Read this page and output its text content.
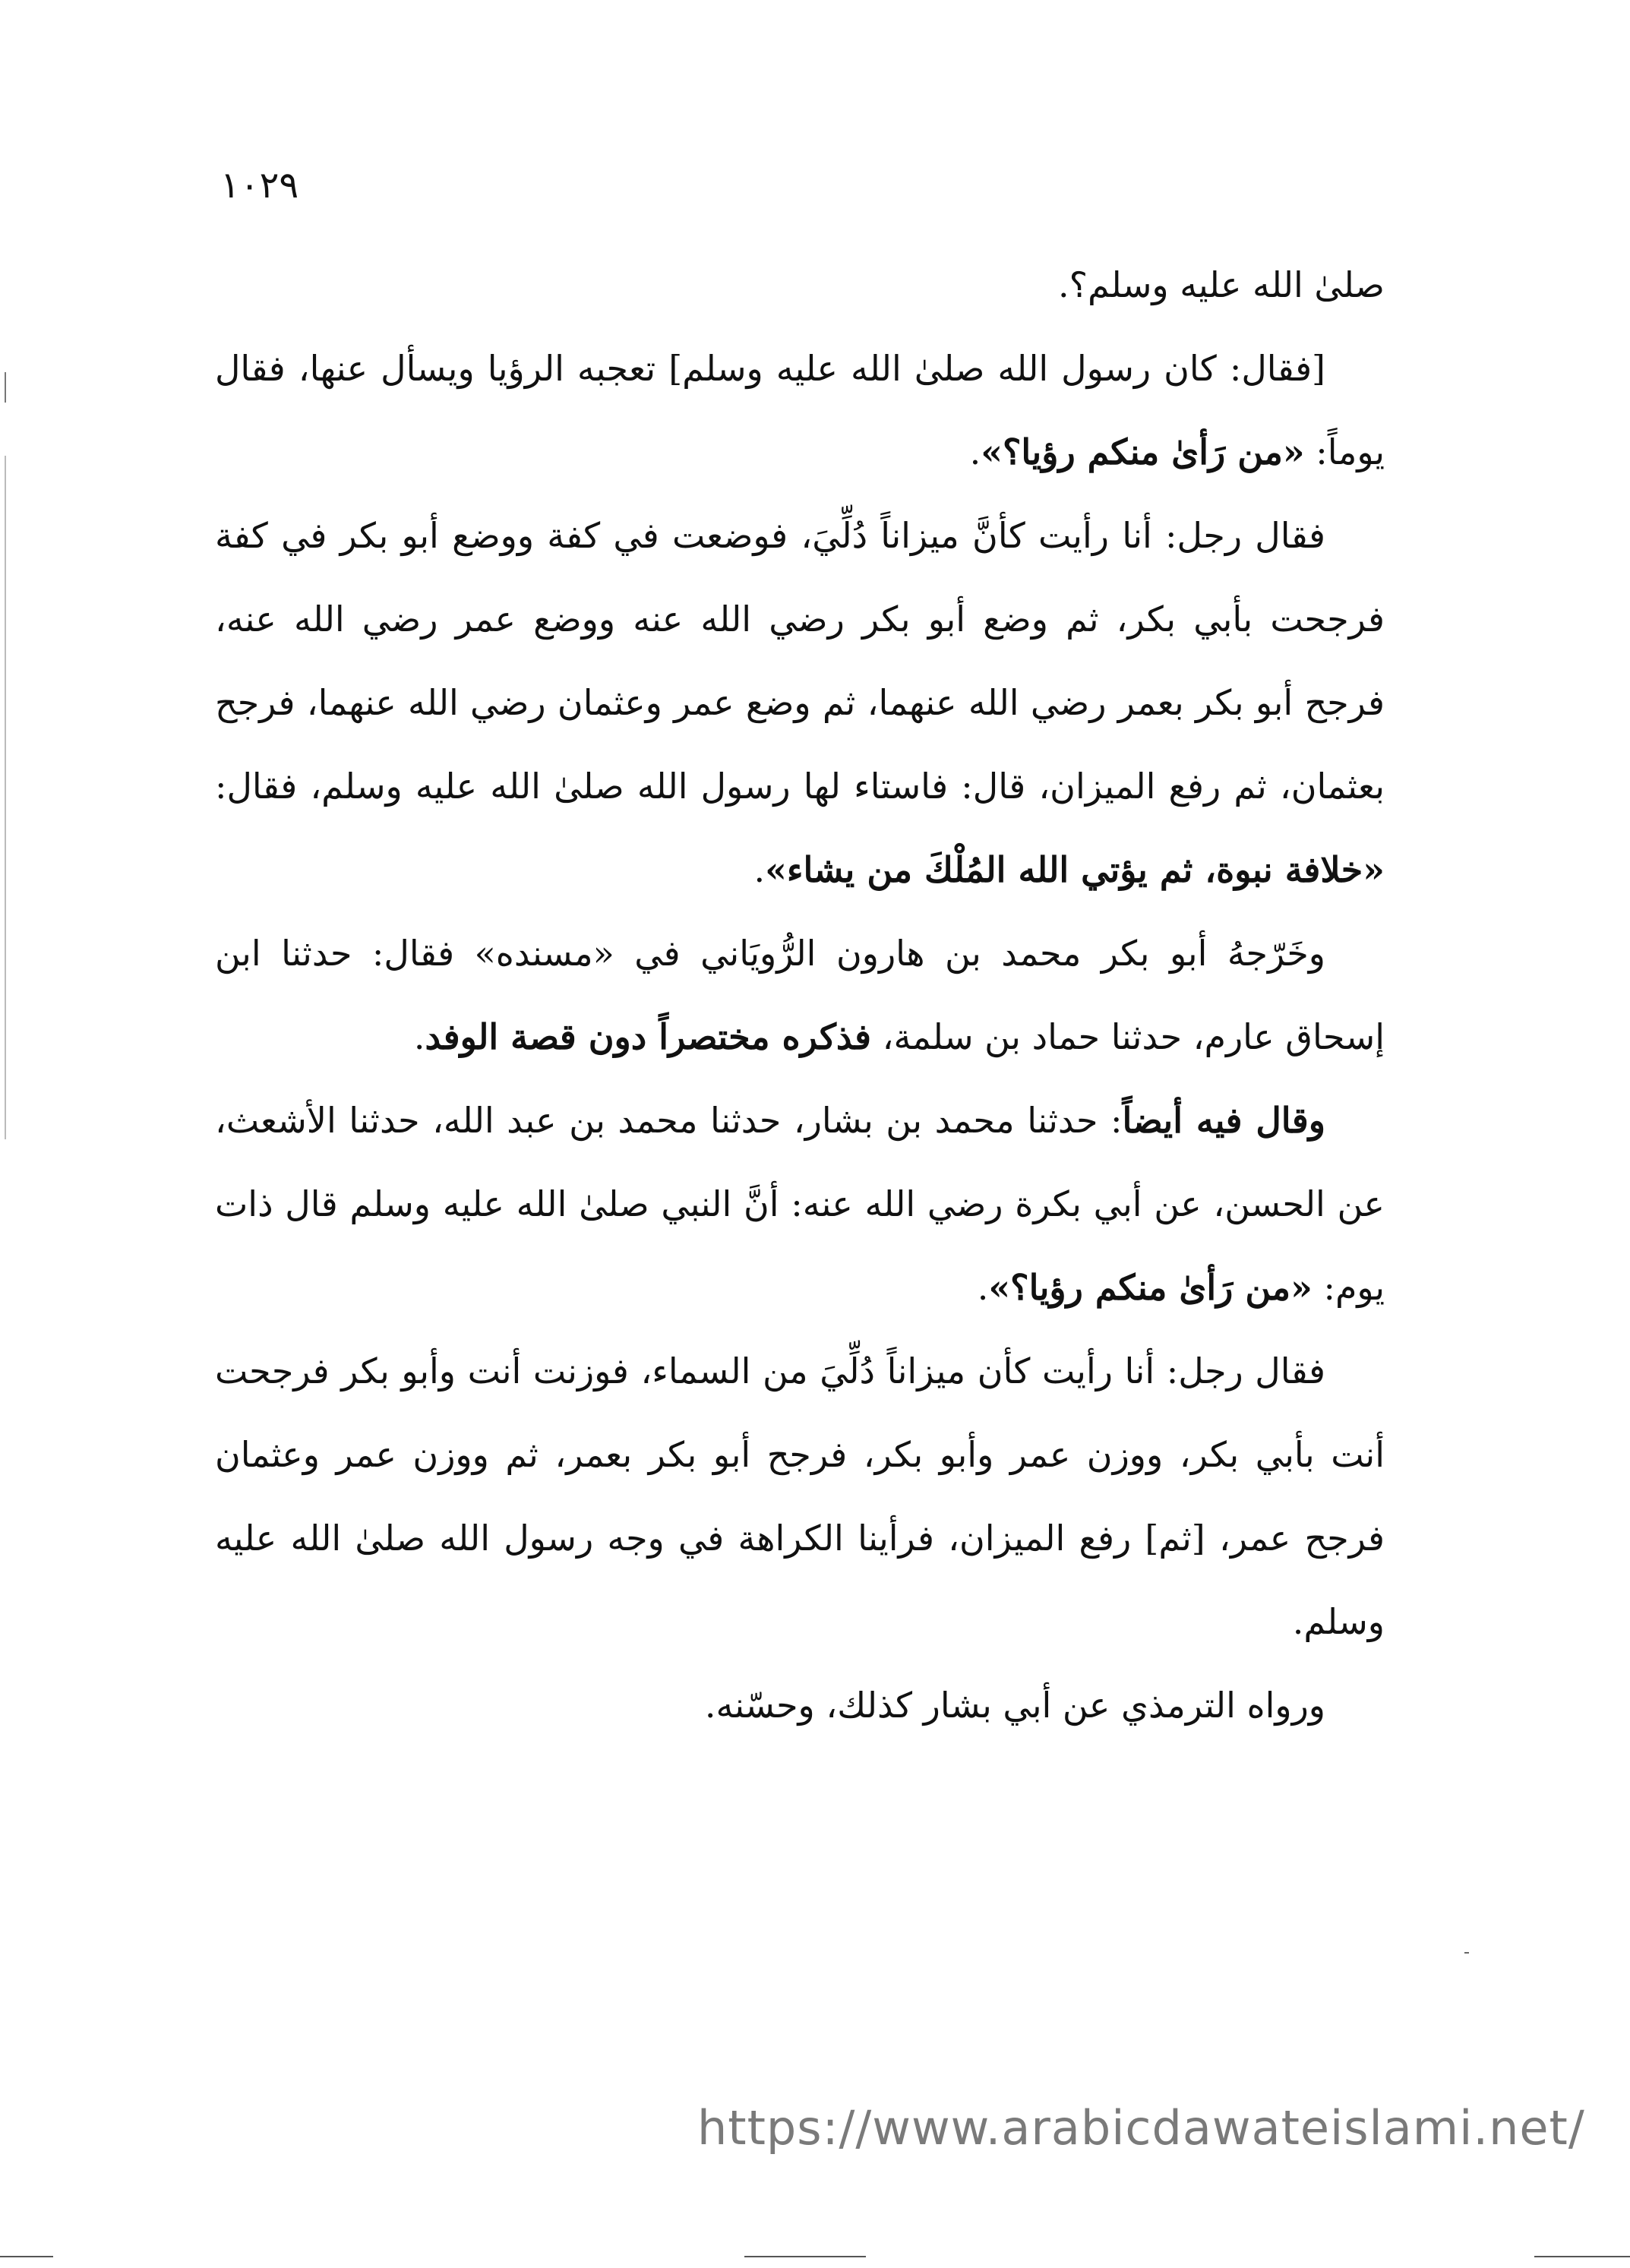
١٠٢٩

صلىٰ الله عليه وسلم؟.

[فقال: كان رسول الله صلىٰ الله عليه وسلم] تعجبه الرؤيا ويسأل عنها، فقال يوماً: «من رَأىٰ منكم رؤيا؟».

فقال رجل: أنا رأيت كأنَّ ميزاناً دُلِّيَ، فوضعت في كفة ووضع أبو بكر في كفة فرجحت بأبي بكر، ثم وضع أبو بكر رضي الله عنه ووضع عمر رضي الله عنه، فرجح أبو بكر بعمر رضي الله عنهما، ثم وضع عمر وعثمان رضي الله عنهما، فرجح بعثمان، ثم رفع الميزان، قال: فاستاء لها رسول الله صلىٰ الله عليه وسلم، فقال: «خلافة نبوة، ثم يؤتي الله المُلْكَ من يشاء».

وخَرّجهُ أبو بكر محمد بن هارون الرُّويَاني في «مسنده» فقال: حدثنا ابن إسحاق عارم، حدثنا حماد بن سلمة، فذكره مختصراً دون قصة الوفد.

وقال فيه أيضاً: حدثنا محمد بن بشار، حدثنا محمد بن عبد الله، حدثنا الأشعث، عن الحسن، عن أبي بكرة رضي الله عنه: أنَّ النبي صلىٰ الله عليه وسلم قال ذات يوم: «من رَأىٰ منكم رؤيا؟».

فقال رجل: أنا رأيت كأن ميزاناً دُلِّيَ من السماء، فوزنت أنت وأبو بكر فرجحت أنت بأبي بكر، ووزن عمر وأبو بكر، فرجح أبو بكر بعمر، ثم ووزن عمر وعثمان فرجح عمر، [ثم] رفع الميزان، فرأينا الكراهة في وجه رسول الله صلىٰ الله عليه وسلم.

ورواه الترمذي عن أبي بشار كذلك، وحسّنه.

https://www.arabicdawateislami.net/
